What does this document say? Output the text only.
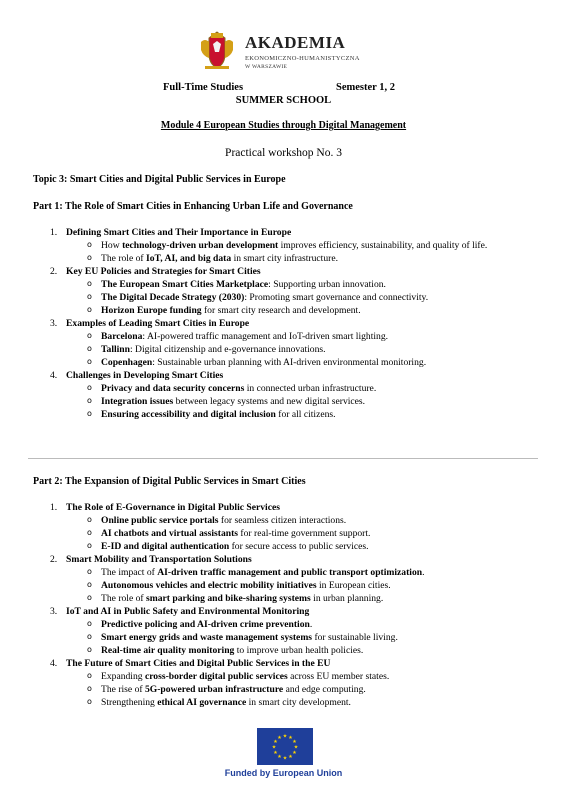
AKADEMIA
EKONOMICZNO-HUMANISTYCZNA
W WARSZAWIE
Full-Time Studies	Semester 1, 2
SUMMER SCHOOL
Module 4 European Studies through Digital Management
Practical workshop No. 3
Topic 3: Smart Cities and Digital Public Services in Europe
Part 1: The Role of Smart Cities in Enhancing Urban Life and Governance
1. Defining Smart Cities and Their Importance in Europe
o How technology-driven urban development improves efficiency, sustainability, and quality of life.
o The role of IoT, AI, and big data in smart city infrastructure.
2. Key EU Policies and Strategies for Smart Cities
o The European Smart Cities Marketplace: Supporting urban innovation.
o The Digital Decade Strategy (2030): Promoting smart governance and connectivity.
o Horizon Europe funding for smart city research and development.
3. Examples of Leading Smart Cities in Europe
o Barcelona: AI-powered traffic management and IoT-driven smart lighting.
o Tallinn: Digital citizenship and e-governance innovations.
o Copenhagen: Sustainable urban planning with AI-driven environmental monitoring.
4. Challenges in Developing Smart Cities
o Privacy and data security concerns in connected urban infrastructure.
o Integration issues between legacy systems and new digital services.
o Ensuring accessibility and digital inclusion for all citizens.
Part 2: The Expansion of Digital Public Services in Smart Cities
1. The Role of E-Governance in Digital Public Services
o Online public service portals for seamless citizen interactions.
o AI chatbots and virtual assistants for real-time government support.
o E-ID and digital authentication for secure access to public services.
2. Smart Mobility and Transportation Solutions
o The impact of AI-driven traffic management and public transport optimization.
o Autonomous vehicles and electric mobility initiatives in European cities.
o The role of smart parking and bike-sharing systems in urban planning.
3. IoT and AI in Public Safety and Environmental Monitoring
o Predictive policing and AI-driven crime prevention.
o Smart energy grids and waste management systems for sustainable living.
o Real-time air quality monitoring to improve urban health policies.
4. The Future of Smart Cities and Digital Public Services in the EU
o Expanding cross-border digital public services across EU member states.
o The rise of 5G-powered urban infrastructure and edge computing.
o Strengthening ethical AI governance in smart city development.
★ ★
★
★
★
★
★
★
★
★
★
★
Funded by European Union
